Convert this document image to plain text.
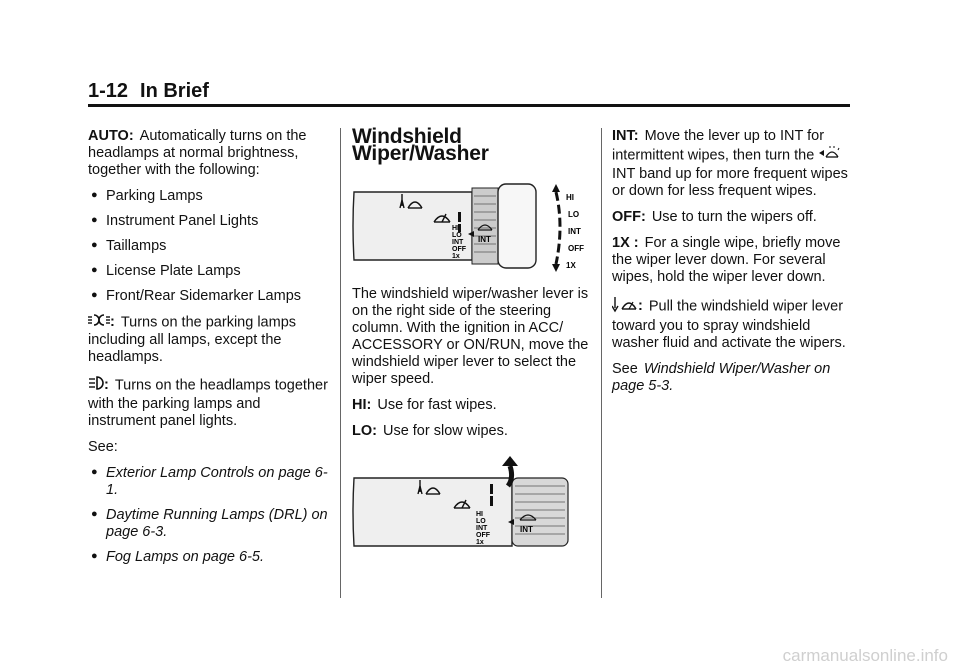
1-12 In Brief

AUTO: Automatically turns on the headlamps at normal brightness, together with the following:

● Parking Lamps
● Instrument Panel Lights
● Taillamps
● License Plate Lamps
● Front/Rear Sidemarker Lamps

: Turns on the parking lamps including all lamps, except the headlamps.

: Turns on the headlamps together with the parking lamps and instrument panel lights.

See:

● Exterior Lamp Controls on page 6-1.
● Daytime Running Lamps (DRL) on page 6-3.
● Fog Lamps on page 6-5.
Windshield Wiper/Washer
HI
LO
INT
OFF
1x
INT
HI
LO
INT
OFF
1X

The windshield wiper/washer lever is on the right side of the steering column. With the ignition in ACC/ ACCESSORY or ON/RUN, move the windshield wiper lever to select the wiper speed.

HI: Use for fast wipes.

LO: Use for slow wipes.

HI
LO
INT
OFF
1x
INT

INT: Move the lever up to INT for intermittent wipes, then turn the  INT band up for more frequent wipes or down for less frequent wipes.

OFF: Use to turn the wipers off.

1X : For a single wipe, briefly move the wiper lever down. For several wipes, hold the wiper lever down.

: Pull the windshield wiper lever toward you to spray windshield washer fluid and activate the wipers.

See Windshield Wiper/Washer on page 5-3.

carmanualsonline.info
